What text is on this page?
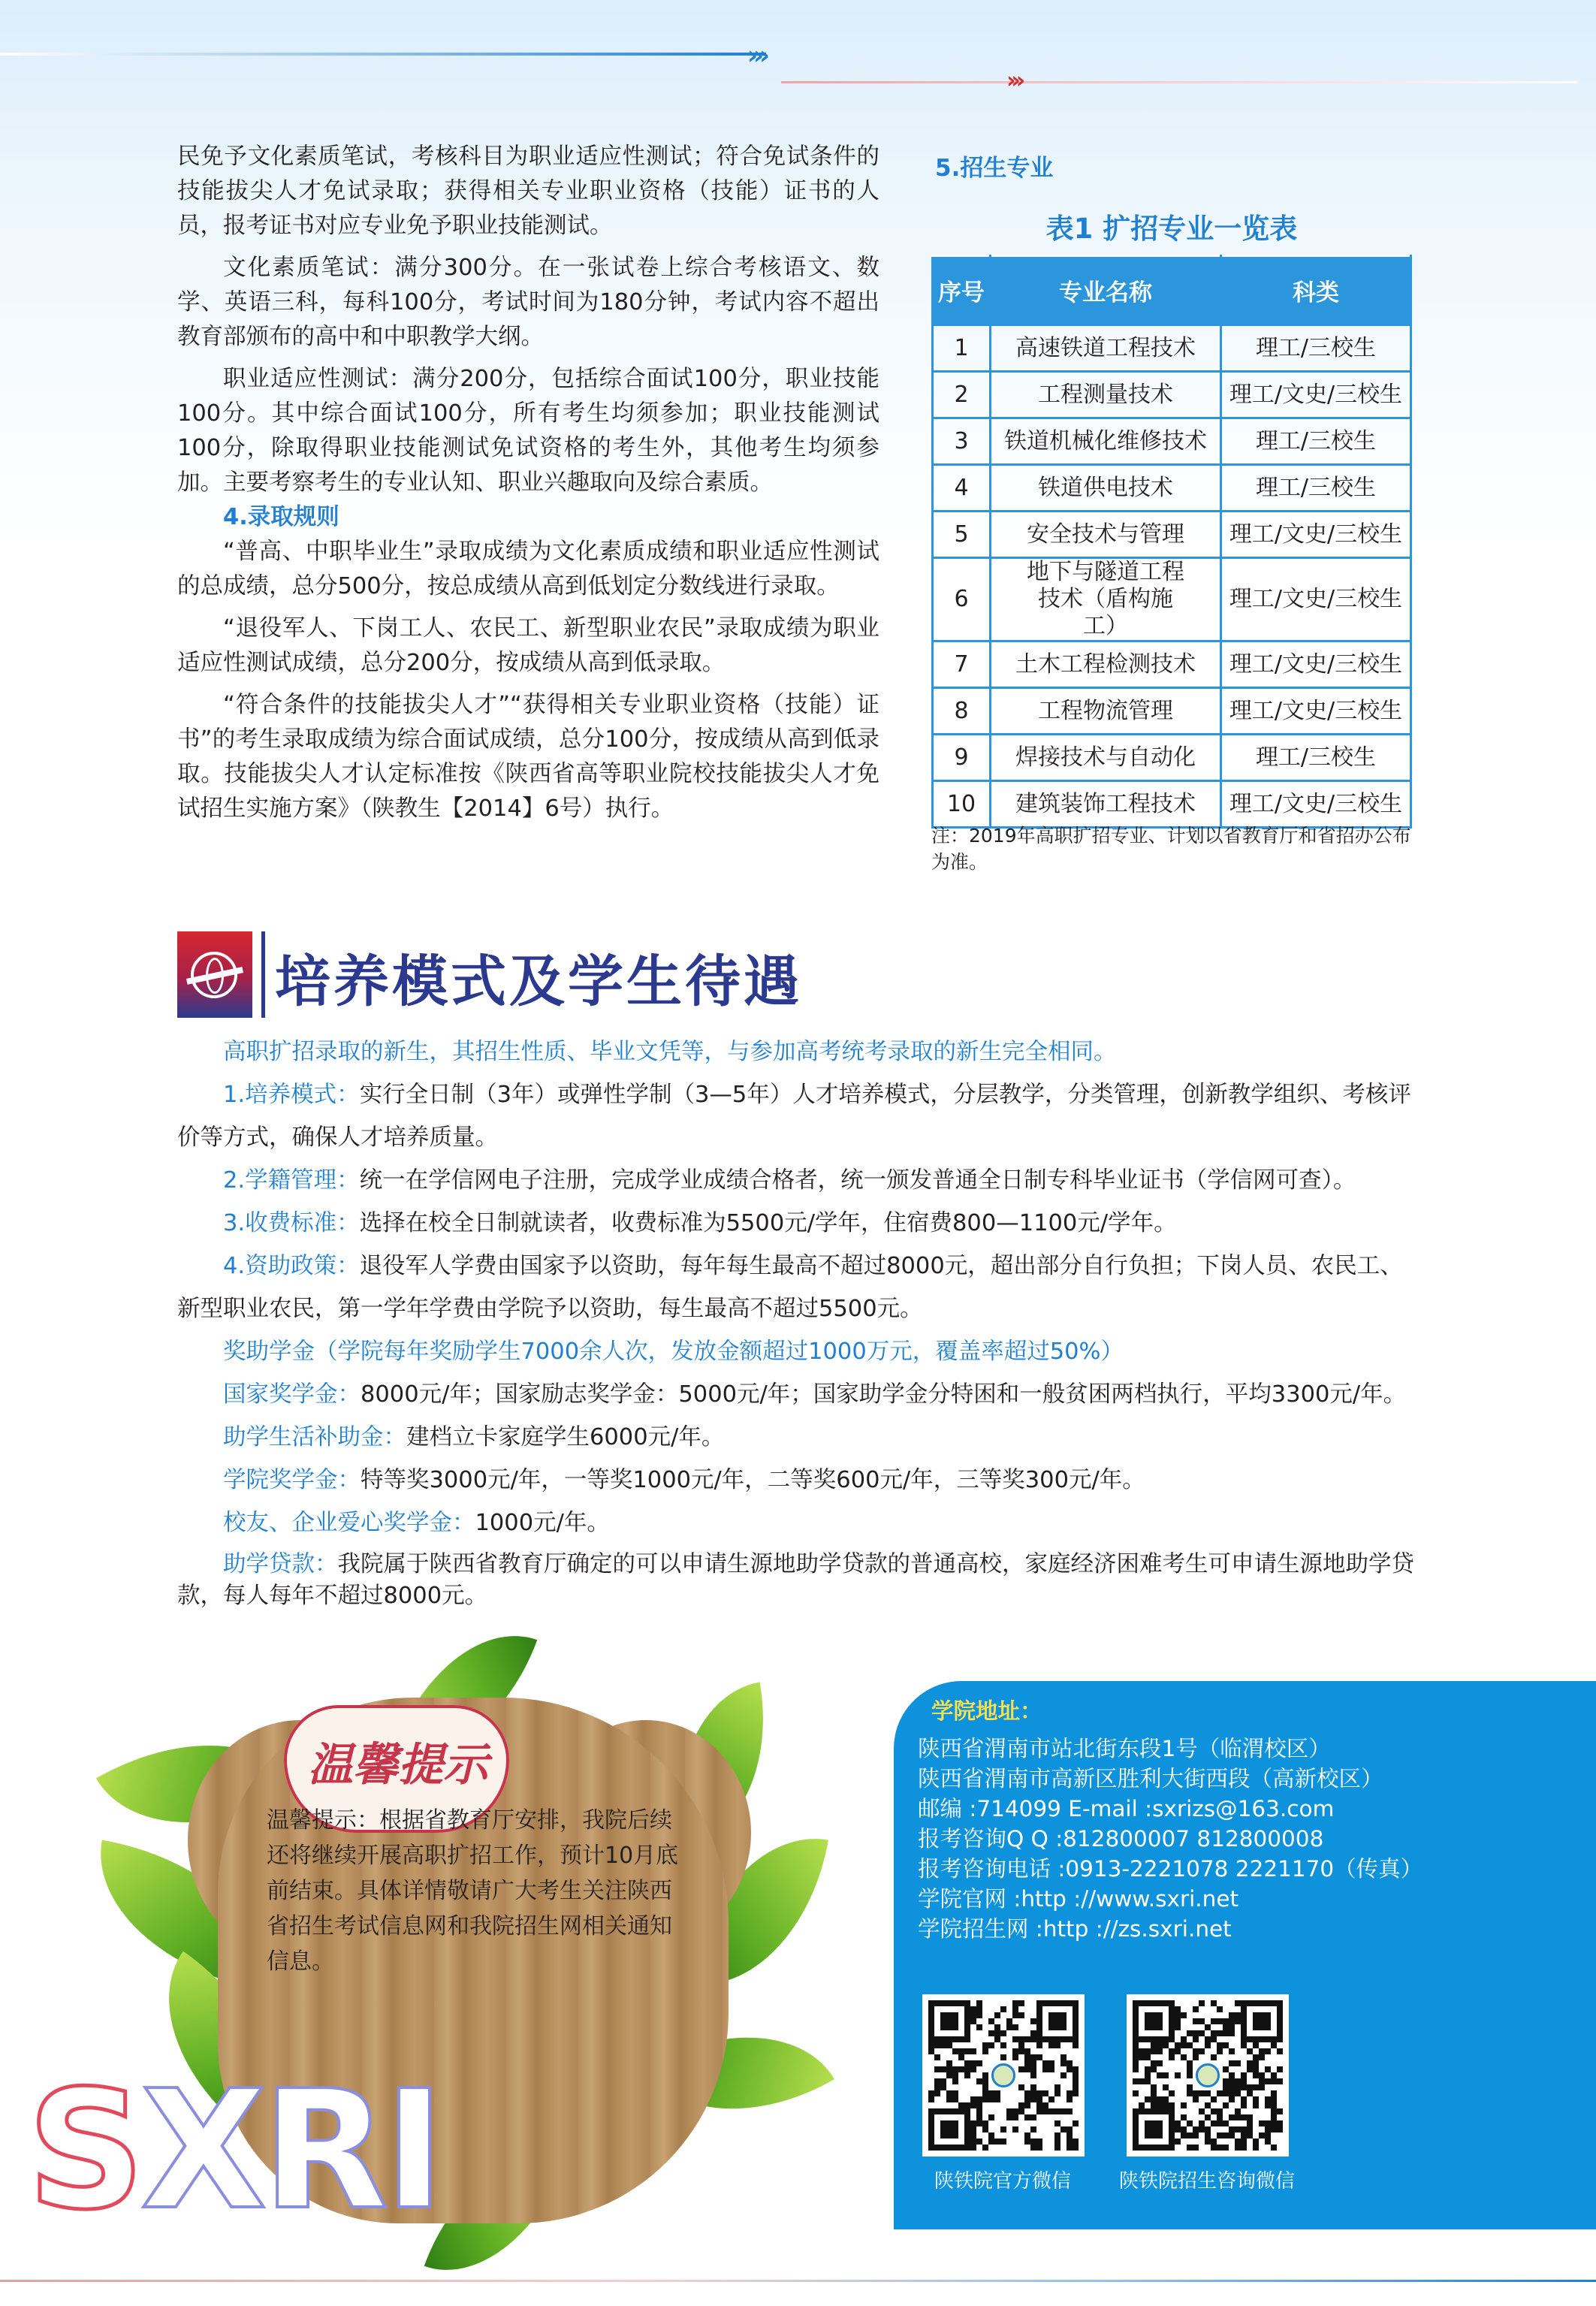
›››
›››

民免予文化素质笔试，考核科目为职业适应性测试；符合免试条件的技能拔尖人才免试录取；获得相关专业职业资格（技能）证书的人员，报考证书对应专业免予职业技能测试。

文化素质笔试：满分300分。在一张试卷上综合考核语文、数学、英语三科，每科100分，考试时间为180分钟，考试内容不超出教育部颁布的高中和中职教学大纲。

职业适应性测试：满分200分，包括综合面试100分，职业技能100分。其中综合面试100分，所有考生均须参加；职业技能测试100分，除取得职业技能测试免试资格的考生外，其他考生均须参加。主要考察考生的专业认知、职业兴趣取向及综合素质。

4.录取规则

“普高、中职毕业生”录取成绩为文化素质成绩和职业适应性测试的总成绩，总分500分，按总成绩从高到低划定分数线进行录取。

“退役军人、下岗工人、农民工、新型职业农民”录取成绩为职业适应性测试成绩，总分200分，按成绩从高到低录取。

“符合条件的技能拔尖人才”“获得相关专业职业资格（技能）证书”的考生录取成绩为综合面试成绩，总分100分，按成绩从高到低录取。技能拔尖人才认定标准按《陕西省高等职业院校技能拔尖人才免试招生实施方案》（陕教生【2014】6号）执行。

5.招生专业
表1 扩招专业一览表
序号	专业名称	科类
1	高速铁道工程技术	理工/三校生
2	工程测量技术	理工/文史/三校生
3	铁道机械化维修技术	理工/三校生
4	铁道供电技术	理工/三校生
5	安全技术与管理	理工/文史/三校生
6	地下与隧道工程技术（盾构施工）	理工/文史/三校生
7	土木工程检测技术	理工/文史/三校生
8	工程物流管理	理工/文史/三校生
9	焊接技术与自动化	理工/三校生
10	建筑装饰工程技术	理工/文史/三校生
注：2019年高职扩招专业、计划以省教育厅和省招办公布为准。
培养模式及学生待遇

高职扩招录取的新生，其招生性质、毕业文凭等，与参加高考统考录取的新生完全相同。

1.培养模式：实行全日制（3年）或弹性学制（3—5年）人才培养模式，分层教学，分类管理，创新教学组织、考核评价等方式，确保人才培养质量。

2.学籍管理：统一在学信网电子注册，完成学业成绩合格者，统一颁发普通全日制专科毕业证书（学信网可查）。

3.收费标准：选择在校全日制就读者，收费标准为5500元/学年，住宿费800—1100元/学年。

4.资助政策：退役军人学费由国家予以资助，每年每生最高不超过8000元，超出部分自行负担；下岗人员、农民工、新型职业农民，第一学年学费由学院予以资助，每生最高不超过5500元。

奖助学金（学院每年奖励学生7000余人次，发放金额超过1000万元，覆盖率超过50%）

国家奖学金：8000元/年；国家励志奖学金：5000元/年；国家助学金分特困和一般贫困两档执行，平均3300元/年。

助学生活补助金：建档立卡家庭学生6000元/年。

学院奖学金：特等奖3000元/年，一等奖1000元/年，二等奖600元/年，三等奖300元/年。

校友、企业爱心奖学金：1000元/年。

助学贷款：我院属于陕西省教育厅确定的可以申请生源地助学贷款的普通高校，家庭经济困难考生可申请生源地助学贷款，每人每年不超过8000元。

温馨提示

温馨提示：根据省教育厅安排，我院后续还将继续开展高职扩招工作，预计10月底前结束。具体详情敬请广大考生关注陕西省招生考试信息网和我院招生网相关通知信息。

SXRI

学院地址：

陕西省渭南市站北街东段1号（临渭校区）

陕西省渭南市高新区胜利大街西段（高新校区）

邮编 :714099 E-mail :sxrizs@163.com

报考咨询Q Q :812800007 812800008

报考咨询电话 :0913-2221078 2221170（传真）

学院官网 :http ://www.sxri.net

学院招生网 :http ://zs.sxri.net

陕铁院官方微信	陕铁院招生咨询微信
